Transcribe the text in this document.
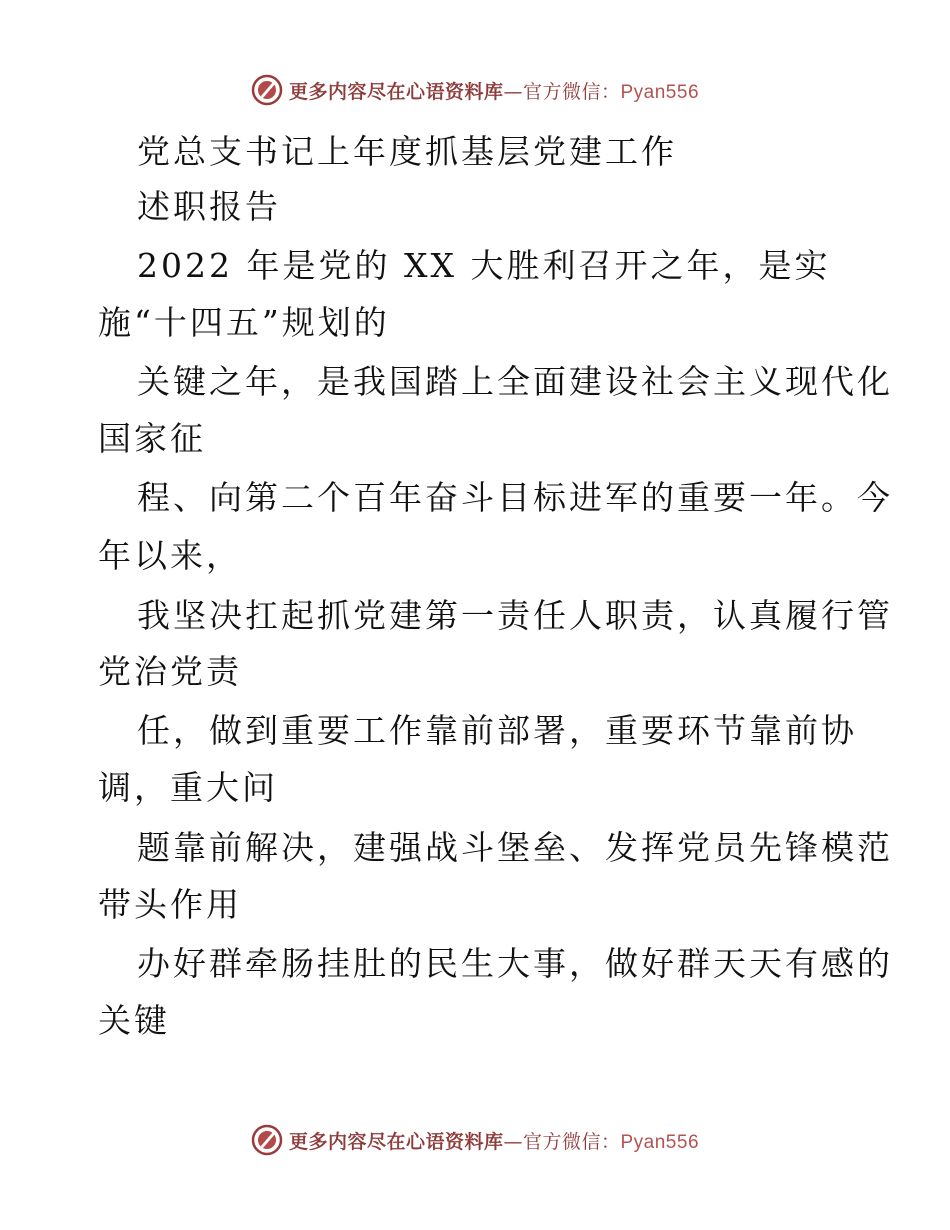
更多内容尽在心语资料库—官方微信：Pyan556
党总支书记上年度抓基层党建工作
述职报告
2022 年是党的 XX 大胜利召开之年，是实
施“十四五”规划的
关键之年，是我国踏上全面建设社会主义现代化
国家征
程、向第二个百年奋斗目标进军的重要一年。今
年以来，
我坚决扛起抓党建第一责任人职责，认真履行管
党治党责
任，做到重要工作靠前部署，重要环节靠前协
调，重大问
题靠前解决，建强战斗堡垒、发挥党员先锋模范
带头作用
办好群牵肠挂肚的民生大事，做好群天天有感的
关键
更多内容尽在心语资料库—官方微信：Pyan556
